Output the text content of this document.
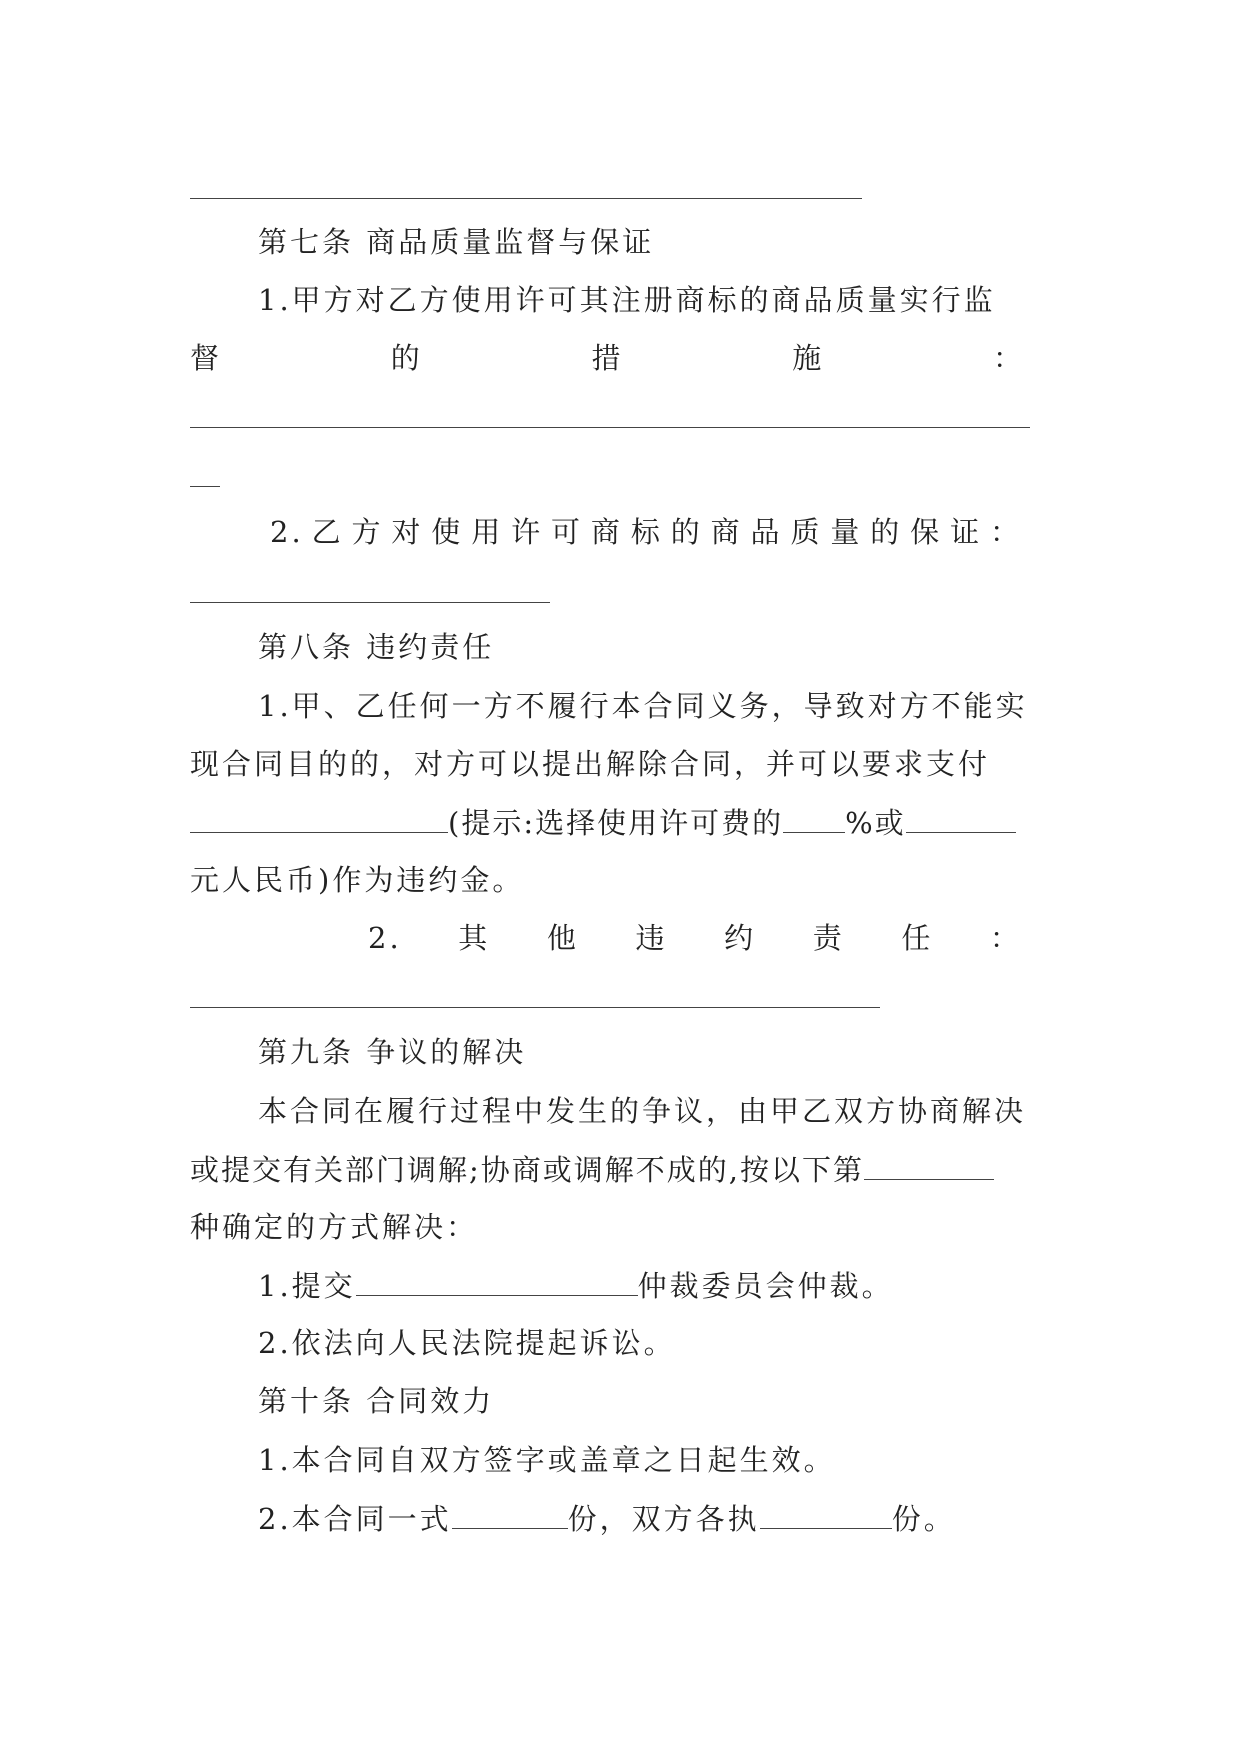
第七条 商品质量监督与保证
1.甲方对乙方使用许可其注册商标的商品质量实行监
督	的	措	施	：
2. 乙 方 对 使 用 许 可 商 标 的 商 品 质 量 的 保 证 ：
第八条 违约责任
1.甲、乙任何一方不履行本合同义务，导致对方不能实
现合同目的的，对方可以提出解除合同，并可以要求支付
(提示:选择使用许可费的 %或
元人民币)作为违约金。
2. 其 他 违 约 责 任 ：
第九条 争议的解决
本合同在履行过程中发生的争议，由甲乙双方协商解决
或提交有关部门调解;协商或调解不成的,按以下第
种确定的方式解决：
1.提交	仲裁委员会仲裁。
2.依法向人民法院提起诉讼。
第十条 合同效力
1.本合同自双方签字或盖章之日起生效。
2.本合同一式	份，双方各执	份。
